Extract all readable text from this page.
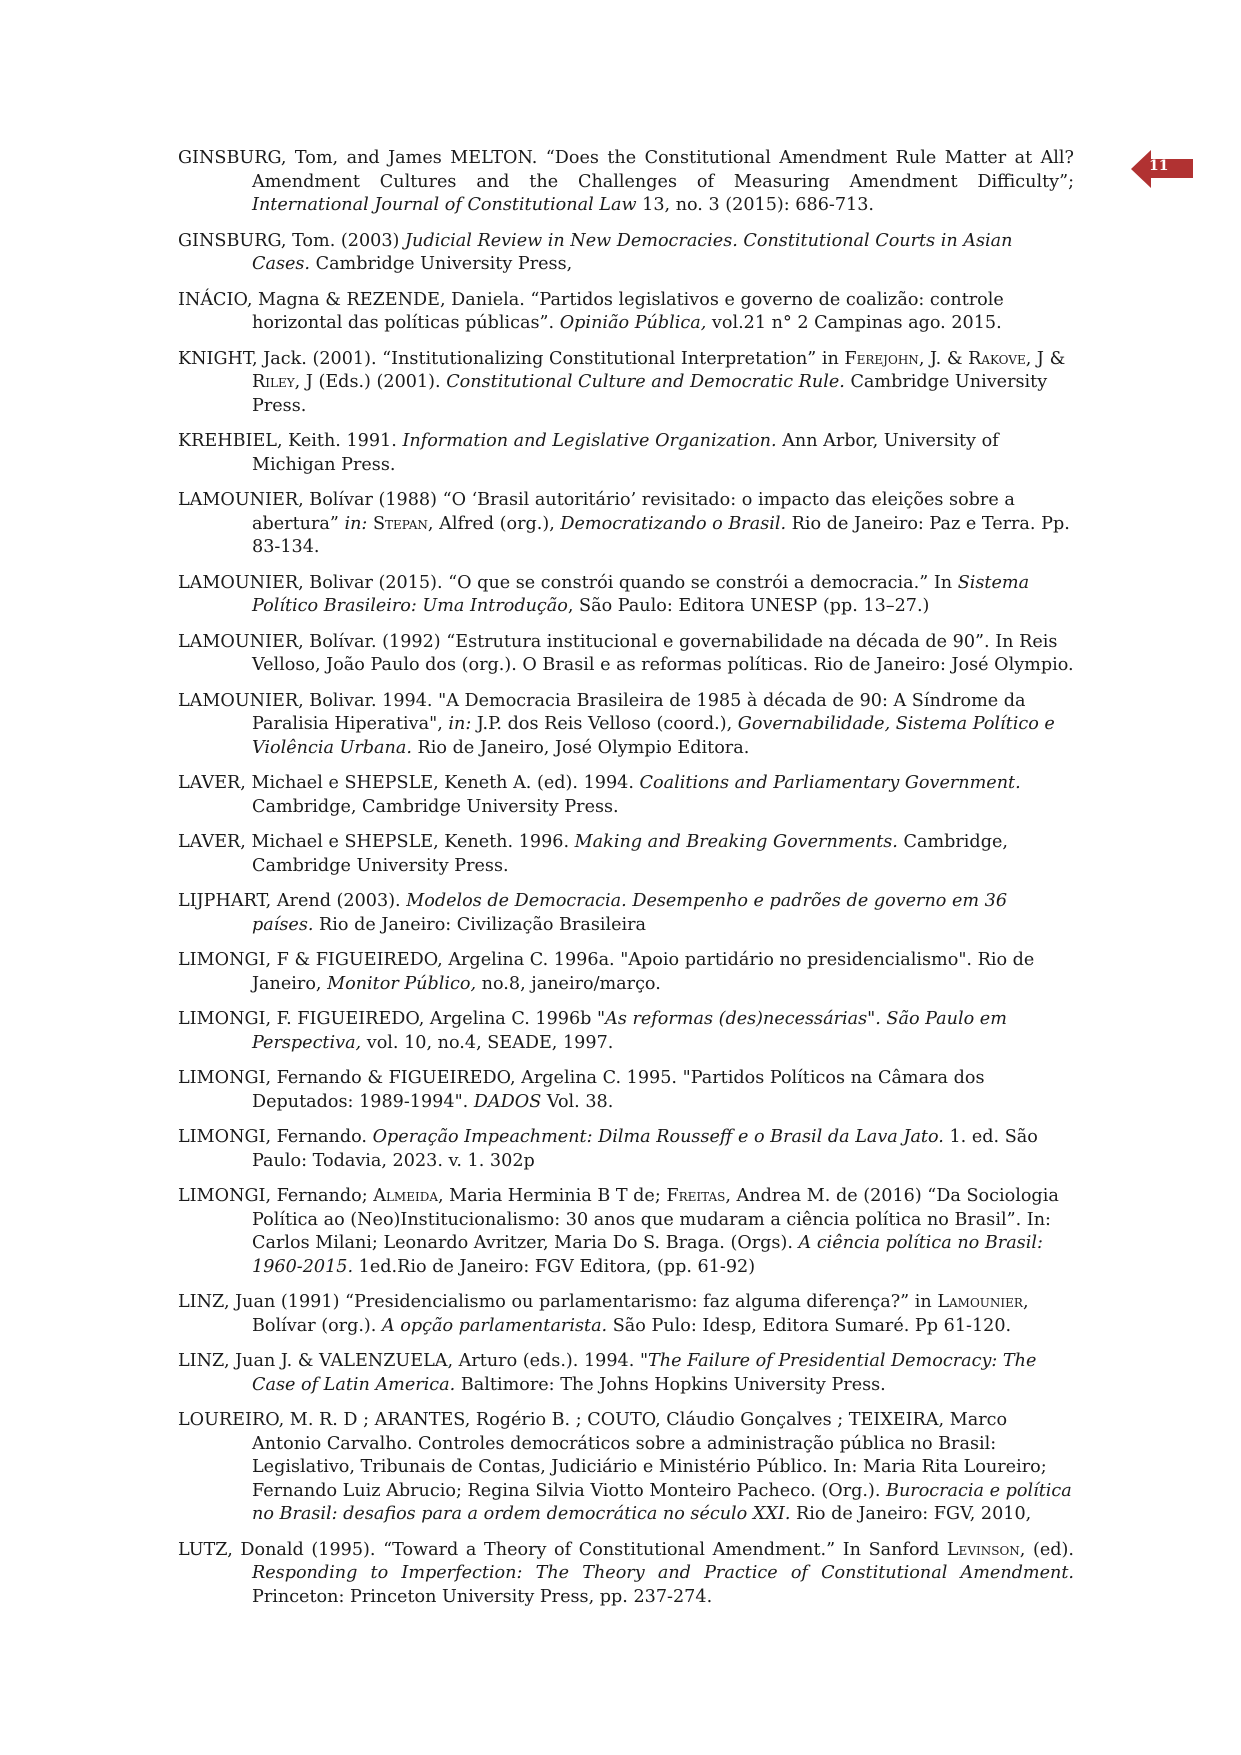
11

GINSBURG, Tom, and James MELTON. “Does the Constitutional Amendment Rule Matter at All? Amendment Cultures and the Challenges of Measuring Amendment Difficulty”; International Journal of Constitutional Law 13, no. 3 (2015): 686-713.

GINSBURG, Tom. (2003) Judicial Review in New Democracies. Constitutional Courts in Asian Cases. Cambridge University Press,

INÁCIO, Magna & REZENDE, Daniela. “Partidos legislativos e governo de coalizão: controle horizontal das políticas públicas”. Opinião Pública, vol.21 n° 2 Campinas ago. 2015.

KNIGHT, Jack. (2001). “Institutionalizing Constitutional Interpretation” in Ferejohn, J. & Rakove, J & Riley, J (Eds.) (2001). Constitutional Culture and Democratic Rule. Cambridge University Press.

KREHBIEL, Keith. 1991. Information and Legislative Organization. Ann Arbor, University of Michigan Press.

LAMOUNIER, Bolívar (1988) “O ‘Brasil autoritário’ revisitado: o impacto das eleições sobre a abertura” in: Stepan, Alfred (org.), Democratizando o Brasil. Rio de Janeiro: Paz e Terra. Pp. 83-134.

LAMOUNIER, Bolivar (2015). “O que se constrói quando se constrói a democracia.” In Sistema Político Brasileiro: Uma Introdução, São Paulo: Editora UNESP (pp. 13–27.)

LAMOUNIER, Bolívar. (1992) “Estrutura institucional e governabilidade na década de 90”. In Reis Velloso, João Paulo dos (org.). O Brasil e as reformas políticas. Rio de Janeiro: José Olympio.

LAMOUNIER, Bolivar. 1994. "A Democracia Brasileira de 1985 à década de 90: A Síndrome da Paralisia Hiperativa", in: J.P. dos Reis Velloso (coord.), Governabilidade, Sistema Político e Violência Urbana. Rio de Janeiro, José Olympio Editora.

LAVER, Michael e SHEPSLE, Keneth A. (ed). 1994. Coalitions and Parliamentary Government. Cambridge, Cambridge University Press.

LAVER, Michael e SHEPSLE, Keneth. 1996. Making and Breaking Governments. Cambridge, Cambridge University Press.

LIJPHART, Arend (2003). Modelos de Democracia. Desempenho e padrões de governo em 36 países. Rio de Janeiro: Civilização Brasileira

LIMONGI, F & FIGUEIREDO, Argelina C. 1996a. "Apoio partidário no presidencialismo". Rio de Janeiro, Monitor Público, no.8, janeiro/março.

LIMONGI, F. FIGUEIREDO, Argelina C. 1996b "As reformas (des)necessárias". São Paulo em Perspectiva, vol. 10, no.4, SEADE, 1997.

LIMONGI, Fernando & FIGUEIREDO, Argelina C. 1995. "Partidos Políticos na Câmara dos Deputados: 1989-1994". DADOS Vol. 38.

LIMONGI, Fernando. Operação Impeachment: Dilma Rousseff e o Brasil da Lava Jato. 1. ed. São Paulo: Todavia, 2023. v. 1. 302p

LIMONGI, Fernando; Almeida, Maria Herminia B T de; Freitas, Andrea M. de (2016) “Da Sociologia Política ao (Neo)Institucionalismo: 30 anos que mudaram a ciência política no Brasil”. In: Carlos Milani; Leonardo Avritzer, Maria Do S. Braga. (Orgs). A ciência política no Brasil: 1960-2015. 1ed.Rio de Janeiro: FGV Editora, (pp. 61-92)

LINZ, Juan (1991) “Presidencialismo ou parlamentarismo: faz alguma diferença?” in Lamounier, Bolívar (org.). A opção parlamentarista. São Pulo: Idesp, Editora Sumaré. Pp 61-120.

LINZ, Juan J. & VALENZUELA, Arturo (eds.). 1994. "The Failure of Presidential Democracy: The Case of Latin America. Baltimore: The Johns Hopkins University Press.

LOUREIRO, M. R. D ; ARANTES, Rogério B. ; COUTO, Cláudio Gonçalves ; TEIXEIRA, Marco Antonio Carvalho. Controles democráticos sobre a administração pública no Brasil: Legislativo, Tribunais de Contas, Judiciário e Ministério Público. In: Maria Rita Loureiro; Fernando Luiz Abrucio; Regina Silvia Viotto Monteiro Pacheco. (Org.). Burocracia e política no Brasil: desafios para a ordem democrática no século XXI. Rio de Janeiro: FGV, 2010,

LUTZ, Donald (1995). “Toward a Theory of Constitutional Amendment.” In Sanford Levinson, (ed). Responding to Imperfection: The Theory and Practice of Constitutional Amendment. Princeton: Princeton University Press, pp. 237-274.
